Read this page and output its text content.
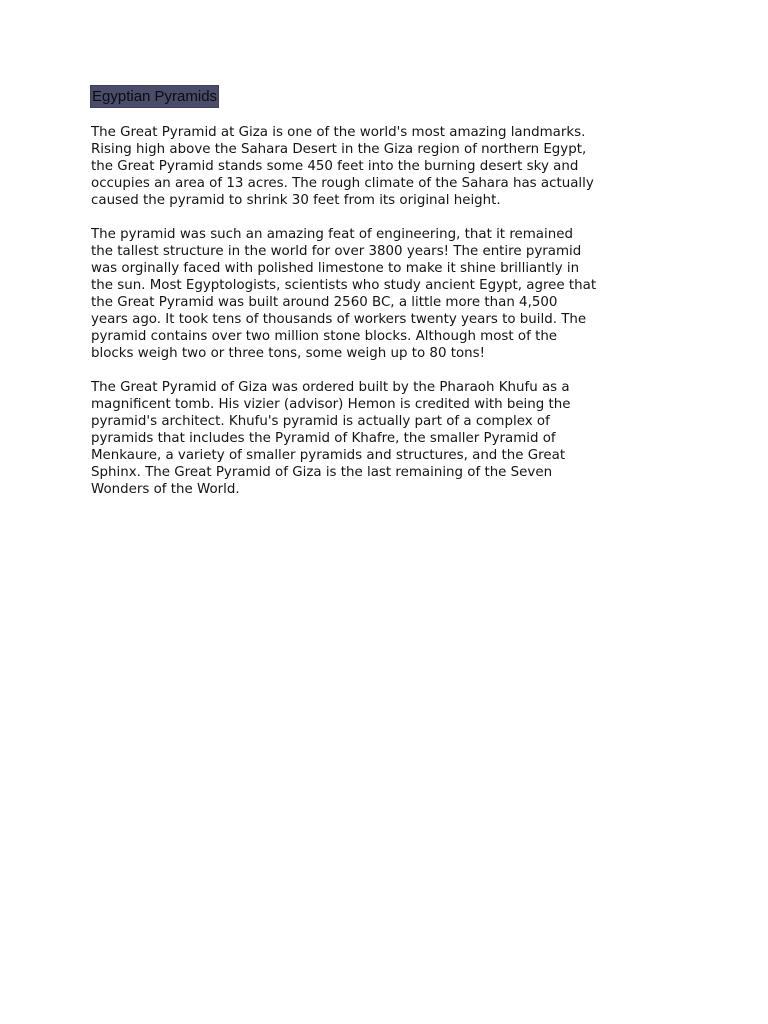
Egyptian Pyramids
The Great Pyramid at Giza is one of the world's most amazing landmarks.
Rising high above the Sahara Desert in the Giza region of northern Egypt,
the Great Pyramid stands some 450 feet into the burning desert sky and
occupies an area of 13 acres. The rough climate of the Sahara has actually
caused the pyramid to shrink 30 feet from its original height.
The pyramid was such an amazing feat of engineering, that it remained
the tallest structure in the world for over 3800 years! The entire pyramid
was orginally faced with polished limestone to make it shine brilliantly in
the sun. Most Egyptologists, scientists who study ancient Egypt, agree that
the Great Pyramid was built around 2560 BC, a little more than 4,500
years ago. It took tens of thousands of workers twenty years to build. The
pyramid contains over two million stone blocks. Although most of the
blocks weigh two or three tons, some weigh up to 80 tons!
The Great Pyramid of Giza was ordered built by the Pharaoh Khufu as a
magnificent tomb. His vizier (advisor) Hemon is credited with being the
pyramid's architect. Khufu's pyramid is actually part of a complex of
pyramids that includes the Pyramid of Khafre, the smaller Pyramid of
Menkaure, a variety of smaller pyramids and structures, and the Great
Sphinx. The Great Pyramid of Giza is the last remaining of the Seven
Wonders of the World.
